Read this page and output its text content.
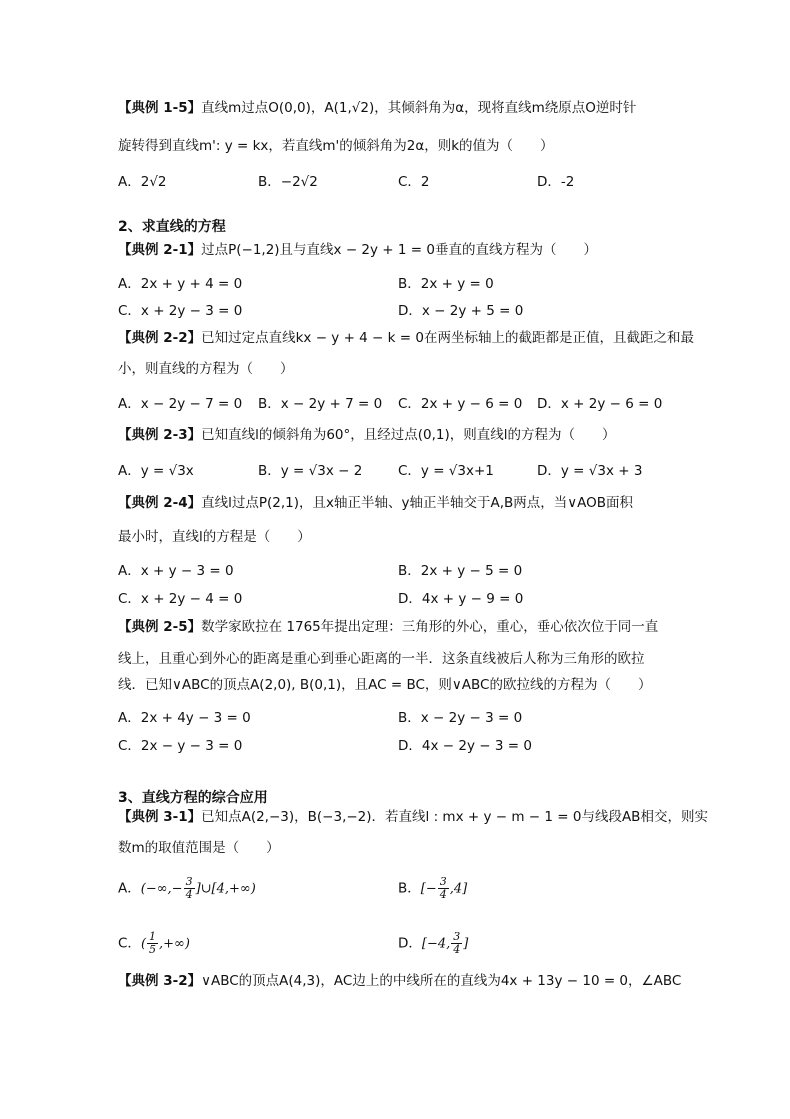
【典例 1-5】直线m过点O(0,0)，A(1,√2)，其倾斜角为α，现将直线m绕原点O逆时针
旋转得到直线m': y = kx，若直线m'的倾斜角为2α，则k的值为（　　）
A．2√2	B．−2√2	C．2	D．-2
2、求直线的方程
【典例 2-1】过点P(−1,2)且与直线x − 2y + 1 = 0垂直的直线方程为（　　）
A．2x + y + 4 = 0	B．2x + y = 0
C．x + 2y − 3 = 0	D．x − 2y + 5 = 0
【典例 2-2】已知过定点直线kx − y + 4 − k = 0在两坐标轴上的截距都是正值，且截距之和最
小，则直线的方程为（　　）
A．x − 2y − 7 = 0 B．x − 2y + 7 = 0 C．2x + y − 6 = 0 D．x + 2y − 6 = 0
【典例 2-3】已知直线l的倾斜角为60°，且经过点(0,1)，则直线l的方程为（　　）
A．y = √3x	B．y = √3x − 2	C．y = √3x+1	D．y = √3x + 3
【典例 2-4】直线l过点P(2,1)，且x轴正半轴、y轴正半轴交于A,B两点，当∨AOB面积
最小时，直线l的方程是（　　）
A．x + y − 3 = 0	B．2x + y − 5 = 0
C．x + 2y − 4 = 0	D．4x + y − 9 = 0
【典例 2-5】数学家欧拉在 1765年提出定理：三角形的外心，重心，垂心依次位于同一直
线上，且重心到外心的距离是重心到垂心距离的一半．这条直线被后人称为三角形的欧拉
线．已知∨ABC的顶点A(2,0), B(0,1)，且AC = BC，则∨ABC的欧拉线的方程为（　　）
A．2x + 4y − 3 = 0	B．x − 2y − 3 = 0
C．2x − y − 3 = 0	D．4x − 2y − 3 = 0
3、直线方程的综合应用
【典例 3-1】已知点A(2,−3)，B(−3,−2)．若直线l : mx + y − m − 1 = 0与线段AB相交，则实
数m的取值范围是（　　）
A．(−∞,− $\frac{3}{4}$ ]∪[4,+∞)	B．[− $\frac{3}{4} ,4$]
C．( $\frac{1}{5}$ ,+∞)	D．[−4, $\frac{3}{4}$ ]
【典例 3-2】∨ABC的顶点A(4,3)，AC边上的中线所在的直线为4x + 13y − 10 = 0，∠ABC
